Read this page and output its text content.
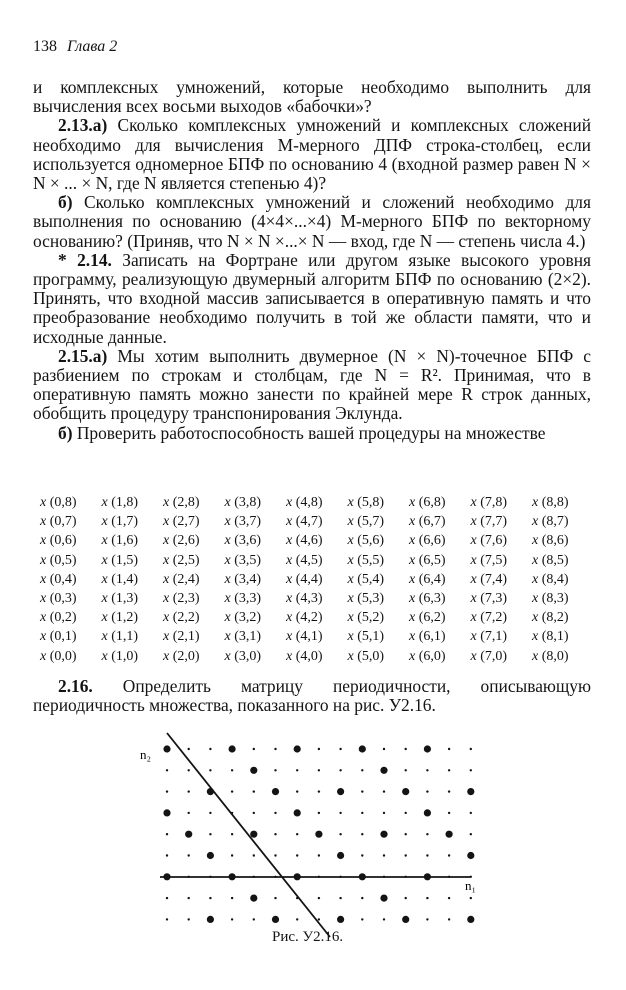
138 Глава 2

и комплексных умножений, которые необходимо выполнить для вычисления всех восьми выходов «бабочки»?

2.13.а) Сколько комплексных умножений и комплексных сложений необходимо для вычисления M-мерного ДПФ строка-столбец, если используется одномерное БПФ по основанию 4 (входной размер равен N × N × ... × N, где N является степенью 4)?

б) Сколько комплексных умножений и сложений необходимо для выполнения по основанию (4×4×...×4) M-мерного БПФ по векторному основанию? (Приняв, что N × N ×...× N — вход, где N — степень числа 4.)

* 2.14. Записать на Фортране или другом языке высокого уровня программу, реализующую двумерный алгоритм БПФ по основанию (2×2). Принять, что входной массив записывается в оперативную память и что преобразование необходимо получить в той же области памяти, что и исходные данные.

2.15.а) Мы хотим выполнить двумерное (N × N)-точечное БПФ с разбиением по строкам и столбцам, где N = R². Принимая, что в оперативную память можно занести по крайней мере R строк данных, обобщить процедуру транспонирования Эклунда.

б) Проверить работоспособность вашей процедуры на множестве

x (0,8)	x (1,8)	x (2,8)	x (3,8)	x (4,8)	x (5,8)	x (6,8)	x (7,8)	x (8,8)
x (0,7)	x (1,7)	x (2,7)	x (3,7)	x (4,7)	x (5,7)	x (6,7)	x (7,7)	x (8,7)
x (0,6)	x (1,6)	x (2,6)	x (3,6)	x (4,6)	x (5,6)	x (6,6)	x (7,6)	x (8,6)
x (0,5)	x (1,5)	x (2,5)	x (3,5)	x (4,5)	x (5,5)	x (6,5)	x (7,5)	x (8,5)
x (0,4)	x (1,4)	x (2,4)	x (3,4)	x (4,4)	x (5,4)	x (6,4)	x (7,4)	x (8,4)
x (0,3)	x (1,3)	x (2,3)	x (3,3)	x (4,3)	x (5,3)	x (6,3)	x (7,3)	x (8,3)
x (0,2)	x (1,2)	x (2,2)	x (3,2)	x (4,2)	x (5,2)	x (6,2)	x (7,2)	x (8,2)
x (0,1)	x (1,1)	x (2,1)	x (3,1)	x (4,1)	x (5,1)	x (6,1)	x (7,1)	x (8,1)
x (0,0)	x (1,0)	x (2,0)	x (3,0)	x (4,0)	x (5,0)	x (6,0)	x (7,0)	x (8,0)

2.16. Определить матрицу периодичности, описывающую периодичность множества, показанного на рис. У2.16.

n₂
n₁
Рис. У2.16.
